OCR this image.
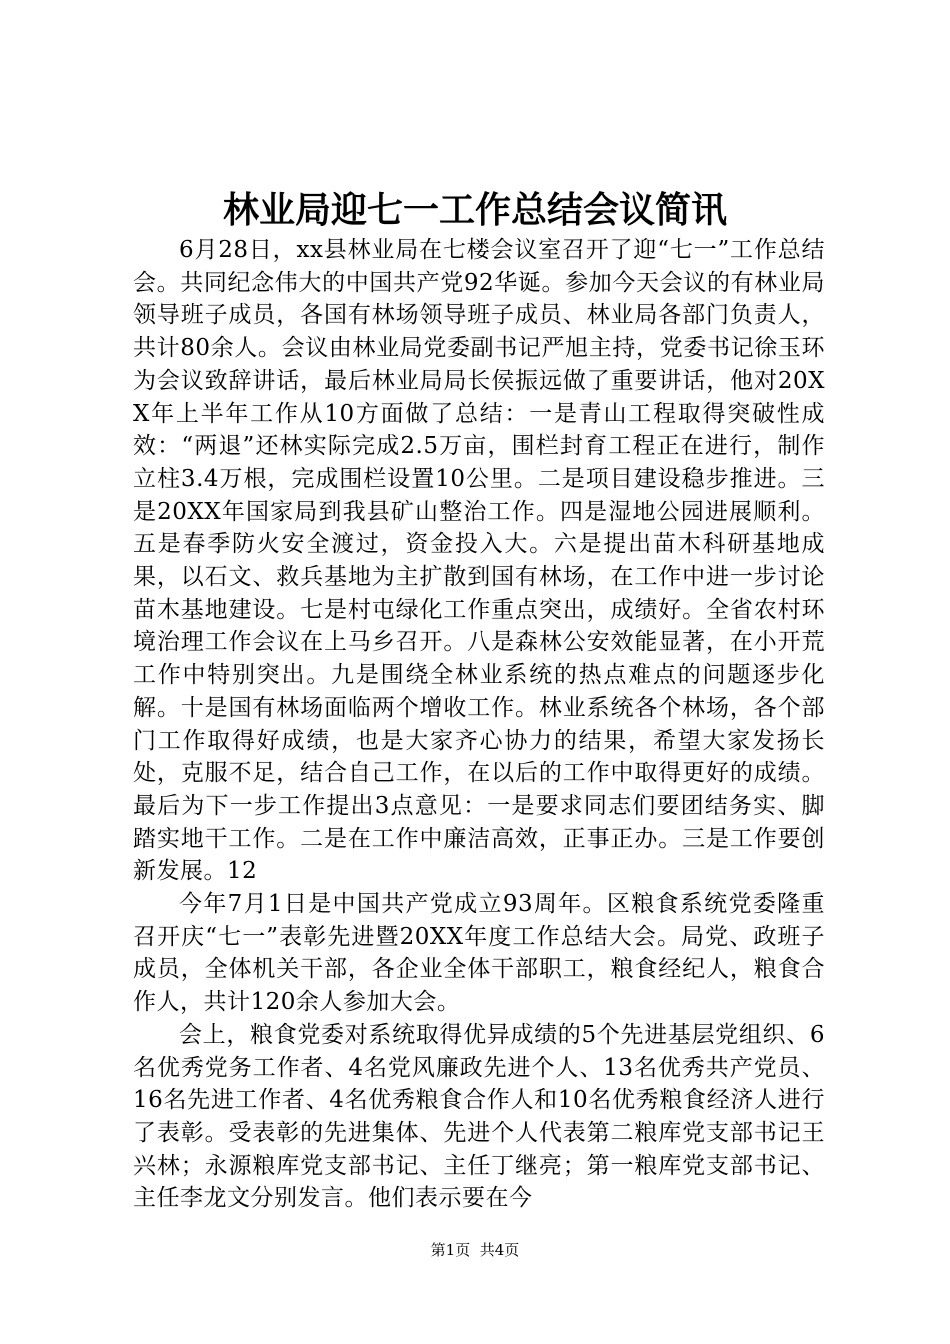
林业局迎七一工作总结会议简讯

6月28日，xx县林业局在七楼会议室召开了迎“七一”工作总结会。共同纪念伟大的中国共产党92华诞。参加今天会议的有林业局领导班子成员，各国有林场领导班子成员、林业局各部门负责人，共计80余人。会议由林业局党委副书记严旭主持，党委书记徐玉环为会议致辞讲话，最后林业局局长侯振远做了重要讲话，他对20XX年上半年工作从10方面做了总结：一是青山工程取得突破性成效：“两退”还林实际完成2.5万亩，围栏封育工程正在进行，制作立柱3.4万根，完成围栏设置10公里。二是项目建设稳步推进。三是20XX年国家局到我县矿山整治工作。四是湿地公园进展顺利。五是春季防火安全渡过，资金投入大。六是提出苗木科研基地成果，以石文、救兵基地为主扩散到国有林场，在工作中进一步讨论苗木基地建设。七是村屯绿化工作重点突出，成绩好。全省农村环境治理工作会议在上马乡召开。八是森林公安效能显著，在小开荒工作中特别突出。九是围绕全林业系统的热点难点的问题逐步化解。十是国有林场面临两个增收工作。林业系统各个林场，各个部门工作取得好成绩，也是大家齐心协力的结果，希望大家发扬长处，克服不足，结合自己工作，在以后的工作中取得更好的成绩。最后为下一步工作提出3点意见：一是要求同志们要团结务实、脚踏实地干工作。二是在工作中廉洁高效，正事正办。三是工作要创新发展。12

今年7月1日是中国共产党成立93周年。区粮食系统党委隆重召开庆“七一”表彰先进暨20XX年度工作总结大会。局党、政班子成员，全体机关干部，各企业全体干部职工，粮食经纪人，粮食合作人，共计120余人参加大会。

会上，粮食党委对系统取得优异成绩的5个先进基层党组织、6名优秀党务工作者、4名党风廉政先进个人、13名优秀共产党员、16名先进工作者、4名优秀粮食合作人和10名优秀粮食经济人进行了表彰。受表彰的先进集体、先进个人代表第二粮库党支部书记王兴林；永源粮库党支部书记、主任丁继亮；第一粮库党支部书记、主任李龙文分别发言。他们表示要在今

第1页 共4页
